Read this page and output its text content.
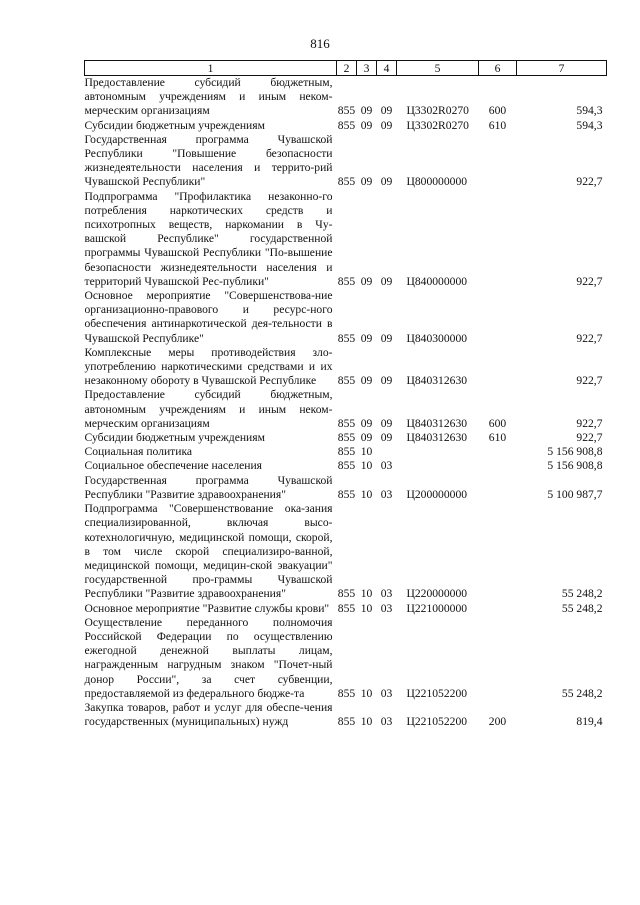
816
1	2	3	4	5	6	7
Предоставление субсидий бюджетным, автономным учреждениям и иным неком-мерческим организациям	855	09	09	Ц3302R0270	600	594,3
Субсидии бюджетным учреждениям	855	09	09	Ц3302R0270	610	594,3
Государственная программа Чувашской Республики "Повышение безопасности жизнедеятельности населения и террито-рий Чувашской Республики"	855	09	09	Ц800000000		922,7
Подпрограмма "Профилактика незаконно-го потребления наркотических средств и психотропных веществ, наркомании в Чу-вашской Республике" государственной программы Чувашской Республики "По-вышение безопасности жизнедеятельности населения и территорий Чувашской Рес-публики"	855	09	09	Ц840000000		922,7
Основное мероприятие "Совершенствова-ние организационно-правового и ресурс-ного обеспечения антинаркотической дея-тельности в Чувашской Республике"	855	09	09	Ц840300000		922,7
Комплексные меры противодействия зло-употреблению наркотическими средствами и их незаконному обороту в Чувашской Республике	855	09	09	Ц840312630		922,7
Предоставление субсидий бюджетным, автономным учреждениям и иным неком-мерческим организациям	855	09	09	Ц840312630	600	922,7
Субсидии бюджетным учреждениям	855	09	09	Ц840312630	610	922,7
Социальная политика	855	10				5 156 908,8
Социальное обеспечение населения	855	10	03			5 156 908,8
Государственная программа Чувашской Республики "Развитие здравоохранения"	855	10	03	Ц200000000		5 100 987,7
Подпрограмма "Совершенствование ока-зания специализированной, включая высо-котехнологичную, медицинской помощи, скорой, в том числе скорой специализиро-ванной, медицинской помощи, медицин-ской эвакуации" государственной про-граммы Чувашской Республики "Развитие здравоохранения"	855	10	03	Ц220000000		55 248,2
Основное мероприятие "Развитие службы крови"	855	10	03	Ц221000000		55 248,2
Осуществление переданного полномочия Российской Федерации по осуществлению ежегодной денежной выплаты лицам, награжденным нагрудным знаком "Почет-ный донор России", за счет субвенции, предоставляемой из федерального бюдже-та	855	10	03	Ц221052200		55 248,2
Закупка товаров, работ и услуг для обеспе-чения государственных (муниципальных) нужд	855	10	03	Ц221052200	200	819,4
